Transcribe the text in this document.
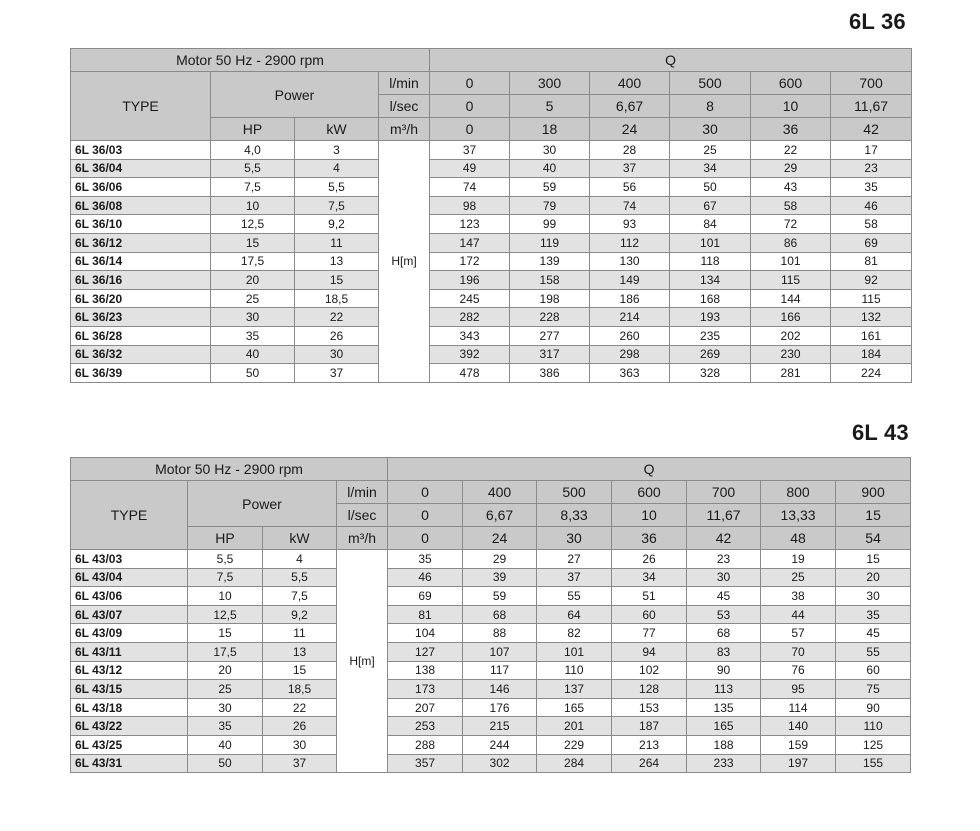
6L 36
Motor 50 Hz - 2900 rpm				Q					
TYPE	Power		l/min	0	300	400	500	600	700
			l/sec	0	5	6,67	8	10	11,67
	HP	kW	m³/h	0	18	24	30	36	42
6L 36/03	4,0	3	H[m]	37	30	28	25	22	17
6L 36/04	5,5	4		49	40	37	34	29	23
6L 36/06	7,5	5,5		74	59	56	50	43	35
6L 36/08	10	7,5		98	79	74	67	58	46
6L 36/10	12,5	9,2		123	99	93	84	72	58
6L 36/12	15	11		147	119	112	101	86	69
6L 36/14	17,5	13		172	139	130	118	101	81
6L 36/16	20	15		196	158	149	134	115	92
6L 36/20	25	18,5		245	198	186	168	144	115
6L 36/23	30	22		282	228	214	193	166	132
6L 36/28	35	26		343	277	260	235	202	161
6L 36/32	40	30		392	317	298	269	230	184
6L 36/39	50	37		478	386	363	328	281	224
6L 43
Motor 50 Hz - 2900 rpm				Q						
TYPE	Power		l/min	0	400	500	600	700	800	900
			l/sec	0	6,67	8,33	10	11,67	13,33	15
	HP	kW	m³/h	0	24	30	36	42	48	54
6L 43/03	5,5	4	H[m]	35	29	27	26	23	19	15
6L 43/04	7,5	5,5		46	39	37	34	30	25	20
6L 43/06	10	7,5		69	59	55	51	45	38	30
6L 43/07	12,5	9,2		81	68	64	60	53	44	35
6L 43/09	15	11		104	88	82	77	68	57	45
6L 43/11	17,5	13		127	107	101	94	83	70	55
6L 43/12	20	15		138	117	110	102	90	76	60
6L 43/15	25	18,5		173	146	137	128	113	95	75
6L 43/18	30	22		207	176	165	153	135	114	90
6L 43/22	35	26		253	215	201	187	165	140	110
6L 43/25	40	30		288	244	229	213	188	159	125
6L 43/31	50	37		357	302	284	264	233	197	155
